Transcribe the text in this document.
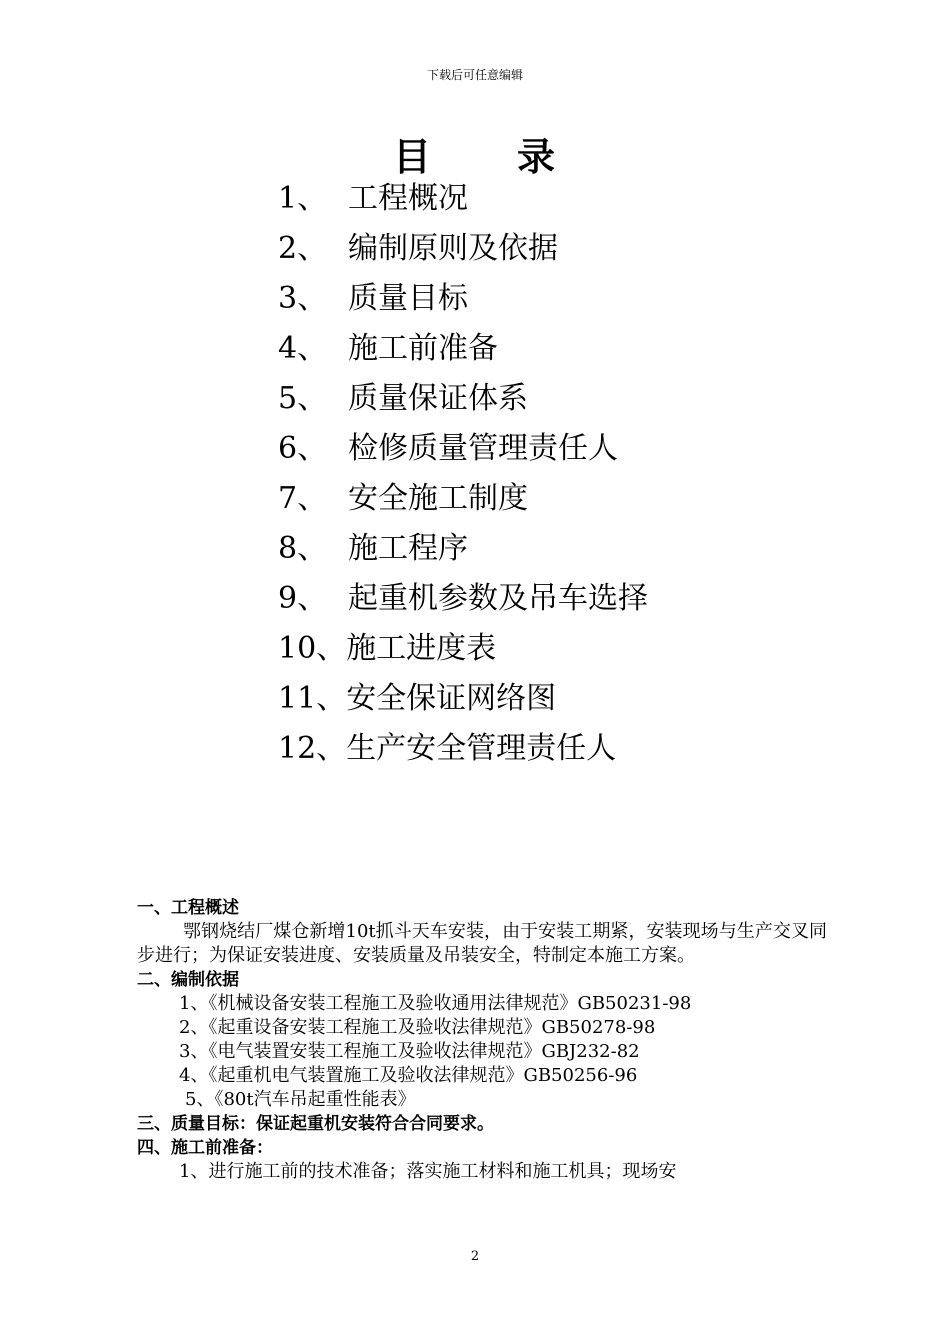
下载后可任意编辑
目 录
1、 工程概况
2、 编制原则及依据
3、 质量目标
4、 施工前准备
5、 质量保证体系
6、 检修质量管理责任人
7、 安全施工制度
8、 施工程序
9、 起重机参数及吊车选择
10、施工进度表
11、安全保证网络图
12、生产安全管理责任人
一、工程概述

鄂钢烧结厂煤仓新增10t抓斗天车安装，由于安装工期紧，安装现场与生产交叉同步进行；为保证安装进度、安装质量及吊装安全，特制定本施工方案。

二、编制依据
1、《机械设备安装工程施工及验收通用法律规范》GB50231-98
2、《起重设备安装工程施工及验收法律规范》GB50278-98
3、《电气装置安装工程施工及验收法律规范》GBJ232-82
4、《起重机电气装置施工及验收法律规范》GB50256-96
5、《80t汽车吊起重性能表》
三、质量目标：保证起重机安装符合合同要求。
四、施工前准备：
1、进行施工前的技术准备；落实施工材料和施工机具；现场安
2
